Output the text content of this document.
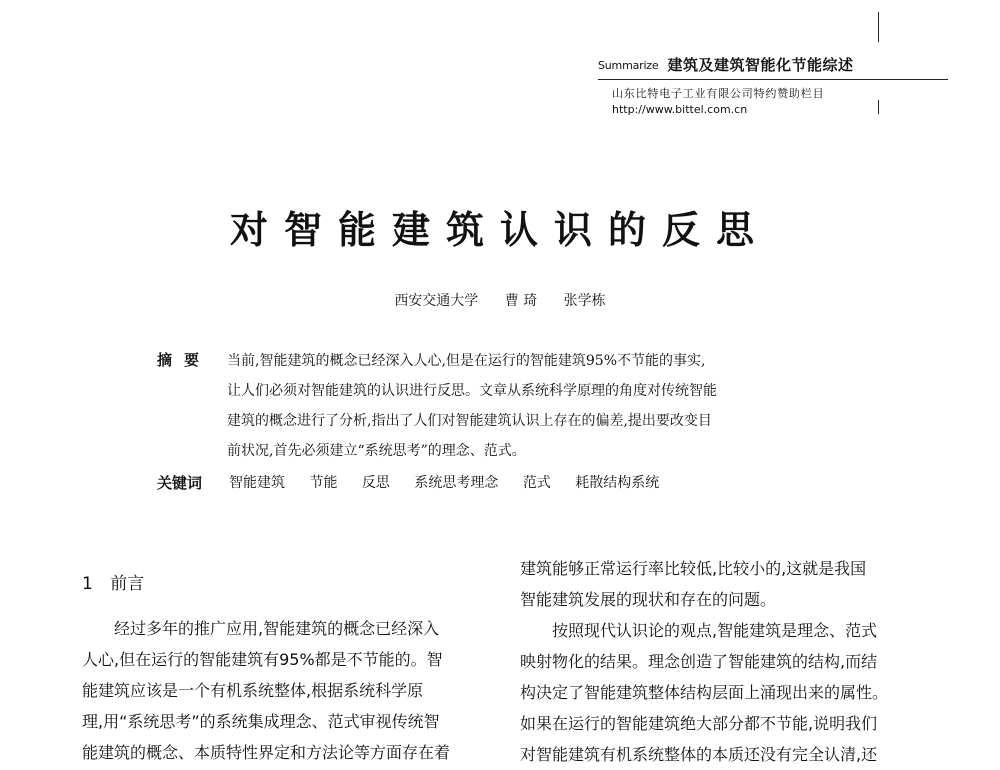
Summarize 建筑及建筑智能化节能综述
山东比特电子工业有限公司特约赞助栏目
http://www.bittel.com.cn
对智能建筑认识的反思
西安交通大学 曹 琦 张学栋
摘要 当前,智能建筑的概念已经深入人心,但是在运行的智能建筑95%不节能的事实,
让人们必须对智能建筑的认识进行反思。文章从系统科学原理的角度对传统智能
建筑的概念进行了分析,指出了人们对智能建筑认识上存在的偏差,提出要改变目
前状况,首先必须建立“系统思考”的理念、范式。
关键词 智能建筑 节能 反思 系统思考理念 范式 耗散结构系统
1 前言

经过多年的推广应用,智能建筑的概念已经深入

人心,但在运行的智能建筑有95%都是不节能的。智

能建筑应该是一个有机系统整体,根据系统科学原

理,用“系统思考”的系统集成理念、范式审视传统智

能建筑的概念、本质特性界定和方法论等方面存在着

建筑能够正常运行率比较低,比较小的,这就是我国

智能建筑发展的现状和存在的问题。

按照现代认识论的观点,智能建筑是理念、范式

映射物化的结果。理念创造了智能建筑的结构,而结

构决定了智能建筑整体结构层面上涌现出来的属性。

如果在运行的智能建筑绝大部分都不节能,说明我们

对智能建筑有机系统整体的本质还没有完全认清,还
